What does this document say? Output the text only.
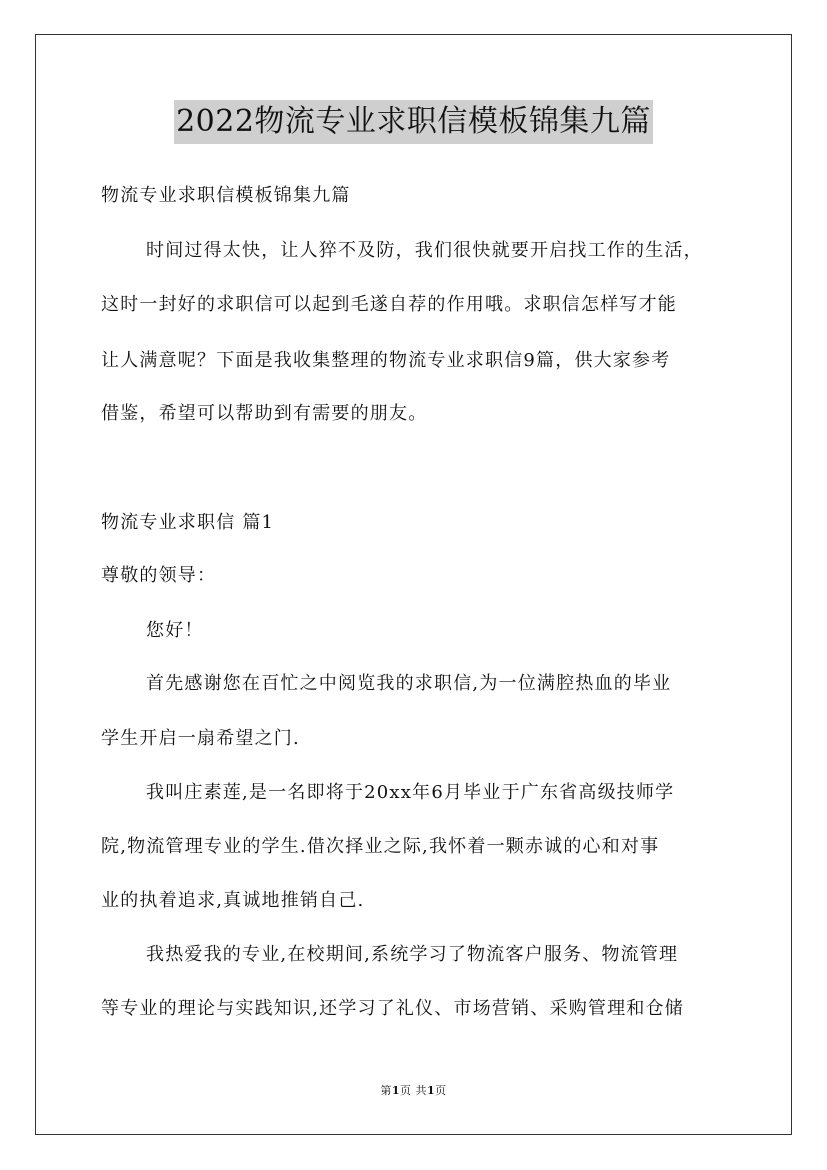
2022物流专业求职信模板锦集九篇
物流专业求职信模板锦集九篇
时间过得太快，让人猝不及防，我们很快就要开启找工作的生活，
这时一封好的求职信可以起到毛遂自荐的作用哦。求职信怎样写才能
让人满意呢？下面是我收集整理的物流专业求职信9篇，供大家参考
借鉴，希望可以帮助到有需要的朋友。
物流专业求职信 篇1
尊敬的领导：
您好！
首先感谢您在百忙之中阅览我的求职信,为一位满腔热血的毕业
学生开启一扇希望之门.
我叫庄素莲,是一名即将于20xx年6月毕业于广东省高级技师学
院,物流管理专业的学生.借次择业之际,我怀着一颗赤诚的心和对事
业的执着追求,真诚地推销自己.
我热爱我的专业,在校期间,系统学习了物流客户服务、物流管理
等专业的理论与实践知识,还学习了礼仪、市场营销、采购管理和仓储
第1页 共1页
